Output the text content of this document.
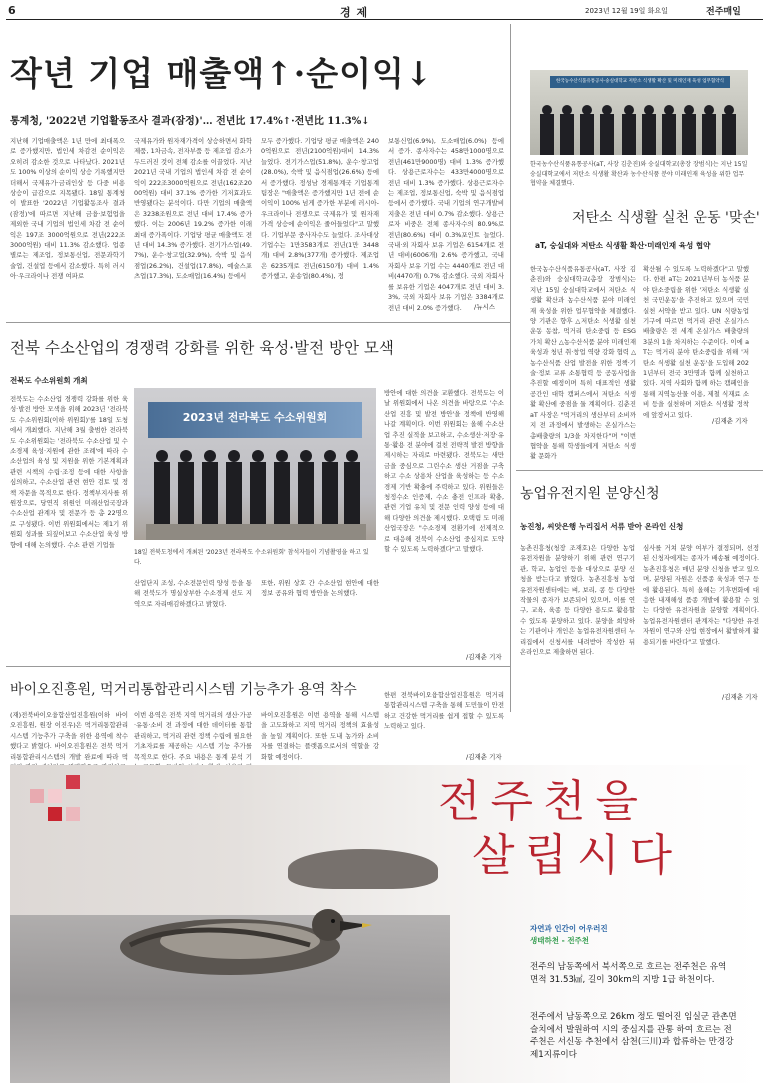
6	경 제	2023년 12월 19일 화요일	전주매일
작년 기업 매출액↑·순이익↓
통계청, '2022년 기업활동조사 결과(잠정)'… 전년比 17.4%↑·전년比 11.3%↓
지난해 기업매출액은 1년 만에 최대폭으로 증가했지만, 법인세 차감전 순이익은 오히려 감소한 것으로 나타났다. 2021년도 100% 이상의 순이익 상승 기록했지만 더해서 국제유가·금리인상 등 다중 비용상승이 급감으로 지목됐다. 18일 통계청이 발표한 '2022년 기업활동조사 결과(잠정)'에 따르면 지난해 금융·보험업을 제외한 국내 기업의 법인세 차감 전 순이익은 197조 3000억원으로 전년(222조3000억원) 대비 11.3% 감소했다. 업종별로는 제조업, 정보통신업, 전문과학기술업, 건설업 등에서 감소했다. 특히 러시아·우크라이나 전쟁 여파로
국제유가와 원자재가격이 상승하면서 화학제품, 1차금속, 전자부품 등 제조업 감소가 두드러진 것이 전체 감소를 이끌었다. 지난 2021년 국내 기업의 법인세 차감 전 순이익이 222조3000억원으로 전년(162조2000억원) 대비 37.1% 증가한 기저효과도 반영됐다는 분석이다. 다만 기업의 매출액은 3238조원으로 전년 대비 17.4% 증가했다. 이는 2006년 19.2% 증가한 이래 최대 증가폭이다. 기업당 평균 매출액도 전년 대비 14.3% 증가했다. 전기가스업(49.7%), 운수·창고업(32.9%), 숙박 및 음식점업(26.2%), 건설업(17.8%), 예술스포츠업(17.3%), 도소매업(16.4%) 등에서
모두 증가했다. 기업당 평균 매출액은 2400억원으로 전년(2100억원)대비 14.3% 늘었다. 전기가스업(51.8%), 운수·창고업(28.0%), 숙박 및 음식점업(26.6%) 등에서 증가했다. 정성남 경제통계국 기업통계팀장은 "매출액은 증가했지만 1년 전에 순이익이 100% 넘게 증가한 부분에 러시아-우크라이나 전쟁으로 국제유가 및 원자재가격 상승에 순이익은 줄어들었다"고 말했다. 기업부문 중사자수도 늘었다. 조사대상 기업수는 1만3583개로 전년(1만 3448개) 대비 2.8%(377개) 증가했다. 제조업은 6235개로 전년(6150개) 대비 1.4% 증가했고, 운송업(80.4%), 정
보통신업(6.9%), 도소매업(6.0%) 등에서 증가. 종사자수는 458만1000명으로 전년(461만9000명) 대비 1.3% 증가했다. 상용근로자수는 433만4000명으로 전년 대비 1.3% 증가했다. 상용근로자수는 제조업, 정보통신업, 숙박 및 음식점업 등에서 증가했다. 국내 기업의 연구개발비 지출은 전년 대비 0.7% 감소했다. 상용근로자 비중은 전체 종사자수의 80.9%로 전년(80.6%) 대비 0.3%포인트 늘었다. 국내·외 자회사 보유 기업은 6154개로 전년 대비(6006개) 2.6% 증가했고, 국내 자회사 보유 기업 수는 4440개로 전년 대비(4470개) 0.7% 감소했다. 국외 자회사를 보유한 기업은 4047개로 전년 대비 3.3%, 국외 자회사 보유 기업은 3384개로 전년 대비 2.0% 증가했다.	/뉴시스
한국농수산식품유통공사·숭실대학교 저탄소 식생활 확산 및 미래인재 육성 업무협약식
한국농수산식품유통공사(aT, 사장 김춘진)와 숭실대학교(총장 장범식)는 지난 15일 숭실대학교에서 저탄소 식생활 확산과 농수산식품 분야 미래인재 육성을 위한 업무협약을 체결했다.
저탄소 식생활 실천 운동 '맞손'
aT, 숭실대와 저탄소 식생활 확산·미래인재 육성 협약
한국농수산식품유통공사(aT, 사장 김춘진)와 숭실대학교(총장 장범식)는 지난 15일 숭실대학교에서 저탄소 식생활 확산과 농수산식품 분야 미래인재 육성을 위한 업무협약을 체결했다. 양 기관은 향후 △저탄소 식생활 실천 운동 동참, 먹거리 탄소중립 등 ESG 가치 확산 △농수산식품 분야 미래인재 육성과 청년 취·창업 역량 강화 협력 △ 농수산식품 산업 발전을 위한 정책·기술·정보 교류 소통협력 등 공동사업을 추진할 예정이며 특히 대표적인 생활공간인 대학 캠퍼스에서 저탄소 식생활 확산에 중점을 둘 계획이다. 김춘진 aT 사장은 "먹거리의 생산부터 소비까지 전 과정에서 발생하는 온실가스는 총배출량의 1/3을 차지한다"며 "이번 협약을 통해 학생들에게 저탄소 식생활 문화가
확산될 수 있도록 노력하겠다"고 말했다. 한편 aT는 2021년부터 농식품 분야 탄소중립을 위한 '저탄소 식생활 실천 국민운동'을 추진하고 있으며 국민 실천 서약을 받고 있다. UN 식량농업기구에 따르면 먹거리 관련 온실가스 배출량은 전 세계 온실가스 배출량의 3분의 1을 차지하는 수준이다. 이에 aT는 먹거리 분야 탄소중립을 위해 '저탄소 식생활 실천 운동'을 도입해 2021년부터 전국 3만명과 함께 실천하고 있다. 지역 사회와 함께 하는 캠페인을 통해 지역농산물 이용, 제철 식재료 소비 등을 실천하며 저탄소 식생활 정착에 앞장서고 있다.
/김재춘 기자
농업유전지원 분양신청
농진청, 씨앗은행 누리집서 서류 받아 온라인 신청
농촌진흥청(청장 조재호)은 다양한 농업유전자원을 분양하기 위해 관련 연구기관, 학교, 농업인 등을 대상으로 분양 신청을 받는다고 밝혔다. 농촌진흥청 농업유전자원센터에는 벼, 보리, 콩 등 다양한 작물의 종자가 보존되어 있으며, 이를 연구, 교육, 육종 등 다양한 용도로 활용할 수 있도록 분양하고 있다. 분양을 희망하는 기관이나 개인은 농업유전자원센터 누리집에서 신청서를 내려받아 작성한 뒤 온라인으로 제출하면 된다.
심사를 거쳐 분양 여부가 결정되며, 선정된 신청자에게는 종자가 배송될 예정이다. 농촌진흥청은 매년 분양 신청을 받고 있으며, 분양된 자원은 신품종 육성과 연구 등에 활용된다. 특히 올해는 기후변화에 대응한 내재해성 품종 개발에 활용할 수 있는 다양한 유전자원을 분양할 계획이다. 농업유전자원센터 관계자는 "다양한 유전자원이 연구와 산업 현장에서 활발하게 활용되기를 바란다"고 말했다.
/김재춘 기자
전북 수소산업의 경쟁력 강화를 위한 육성·발전 방안 모색
전북도 수소위원회 개최
전북도는 수소산업 경쟁력 강화를 위한 육성·발전 방안 모색을 위해 2023년 '전라북도 수소위원회(이하 위원회)'를 18일 도청에서 개최했다. 지난해 3월 출범한 전라북도 수소위원회는 '전라북도 수소산업 및 수소경제 육성·지원에 관한 조례'에 따라 수소산업의 육성 및 지원을 위한 기본계획과 관련 시책의 수립·조정 등에 대한 사항을 심의하고, 수소산업 관련 현안 검토 및 정책 자문을 목적으로 한다. 정책부지사를 위원장으로, 당연직 위원인 미래산업국장과 수소산업 관계자 및 전문가 등 총 22명으로 구성됐다. 이번 위원회에서는 제1기 위원회 성과를 되짚어보고 수소산업 육성 방향에 대해 논의했다. 수소 관련 기업들
2023년 전라북도 수소위원회
18일 전북도청에서 개최된 '2023년 전라북도 수소위원회' 참석자들이 기념촬영을 하고 있다.
방안에 대한 의견을 교환했다. 전북도는 이날 위원회에서 나온 의견을 바탕으로 '수소산업 진흥 및 발전 방안'을 정책에 반영해 나갈 계획이다. 이번 위원회는 올해 수소산업 추진 실적을 보고하고, 수소생산·저장·유통·활용 전 분야에 걸친 전략적 발전 방향을 제시하는 자리로 마련됐다. 전북도는 새만금을 중심으로 그린수소 생산 거점을 구축하고 수소 상용차 산업을 육성하는 등 수소경제 기반 확충에 주력하고 있다. 위원들은 청정수소 인증제, 수소 충전 인프라 확충, 관련 기업 유치 및 전문 인력 양성 등에 대해 다양한 의견을 제시했다. 오택림 도 미래산업국장은 "수소경제 전환기에 선제적으로 대응해 전북이 수소산업 중심지로 도약할 수 있도록 노력하겠다"고 말했다.
산업단지 조성, 수소전문인력 양성 등을 통해 전북도가 명실상부한 수소경제 선도 지역으로 자리매김하겠다고 밝혔다.
또한, 위원 상호 간 수소산업 현안에 대한 정보 공유와 협력 방안을 논의했다.
/김재춘 기자
바이오진흥원, 먹거리통합관리시스템 기능추가 용역 착수
(재)전북바이오융합산업진흥원(이하 바이오진흥원, 원장 이진우)은 먹거리통합관리시스템 기능추가 구축을 위한 용역에 착수했다고 밝혔다. 바이오진흥원은 전북 먹거리통합관리시스템의 개발 완료에 따라 먹
이번 용역은 전북 지역 먹거리의 생산·가공·유통·소비 전 과정에 대한 데이터를 통합 관리하고, 먹거리 관련 정책 수립에 필요한 기초자료를 제공하는 시스템 기능 추가를 목적으로 한다. 주요 내용은 통계 분석 기
바이오진흥원은 이번 용역을 통해 시스템을 고도화하고 지역 먹거리 정책의 효율성을 높일 계획이다. 또한 도내 농가와 소비자를 연결하는 플랫폼으로서의 역할을 강화할 예정이다.
한편 전북바이오융합산업진흥원은 먹거리통합관리시스템 구축을 통해 도민들이 안전하고 건강한 먹거리를 쉽게 접할 수 있도록 노력하고 있다.
/김재춘 기자
전주천을
살립시다
자연과 인간이 어우러진
생태하천 - 전주천
전주의 남동쪽에서 북서쪽으로 흐르는 전주천은 유역면적 31.53㎢, 길이 30km의 지방 1급 하천이다.
전주에서 남동쪽으로 26km 정도 떨어진 임실군 관촌면 슬치에서 발원하여 시의 중심지를 관통 하여 흐르는 전주천은 서신동 추천에서 삼천(三川)과 합류하는 만경강 제1지류이다
